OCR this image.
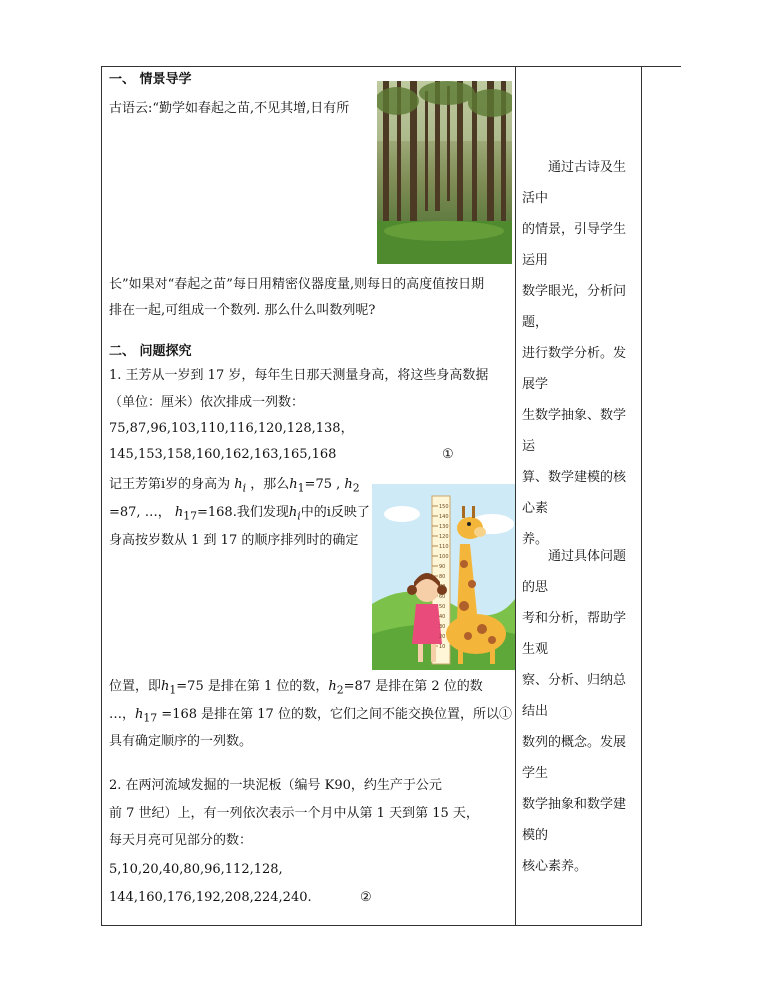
一、 情景导学
古语云:“勤学如春起之苗,不见其增,日有所
长”如果对“春起之苗”每日用精密仪器度量,则每日的高度值按日期
排在一起,可组成一个数列. 那么什么叫数列呢?
二、 问题探究
1. 王芳从一岁到 17 岁，每年生日那天测量身高，将这些身高数据
（单位：厘米）依次排成一列数：
75,87,96,103,110,116,120,128,138，
145,153,158,160,162,163,165,168	①
记王芳第i岁的身高为 $h_i$ ，那么$h_1=75$ , $h_2$
=87, …， $h_{17}=168$.我们发现$h_i$中的i反映了
身高按岁数从 1 到 17 的顺序排列时的确定
150
140
130
120
110
100
90
80
70
60
50
40
30
20
10
位置，即$h_1=75$ 是排在第 1 位的数，$h_2=87$ 是排在第 2 位的数
…，$h_{17} =168$ 是排在第 17 位的数，它们之间不能交换位置，所以①
具有确定顺序的一列数。
2. 在两河流域发掘的一块泥板（编号 K90，约生产于公元
前 7 世纪）上，有一列依次表示一个月中从第 1 天到第 15 天，
每天月亮可见部分的数：
5,10,20,40,80,96,112,128,
144,160,176,192,208,224,240.	②

通过古诗及生活中

的情景，引导学生运用

数学眼光，分析问题，

进行数学分析。发展学

生数学抽象、数学运

算、数学建模的核心素

养。

通过具体问题的思

考和分析，帮助学生观

察、分析、归纳总结出

数列的概念。发展学生

数学抽象和数学建模的

核心素养。
